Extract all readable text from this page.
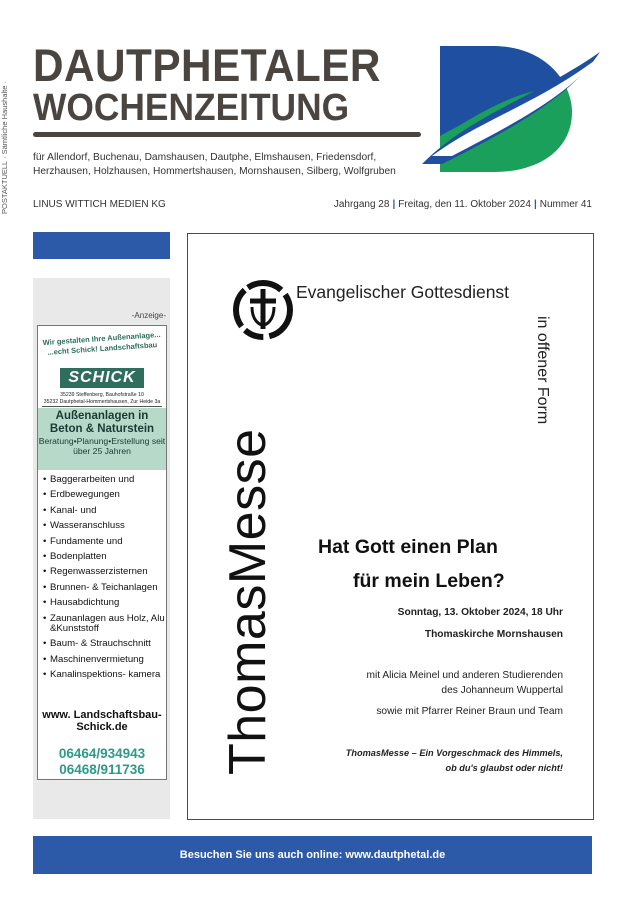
POSTAKTUELL · Sämtliche Haushalte ·
DAUTPHETALER
WOCHENZEITUNG
für Allendorf, Buchenau, Damshausen, Dautphe, Elmshausen, Friedensdorf, Herzhausen, Holzhausen, Hommertshausen, Mornshausen, Silberg, Wolfgruben
LINUS WITTICH MEDIEN KG	Jahrgang 28 | Freitag, den 11. Oktober 2024 | Nummer 41
-Anzeige-
Wir gestalten Ihre Außenanlage... ...echt Schick! Landschaftsbau
SCHICK
35239 Steffenberg, Bauhofstraße 10
35232 Dautphetal-Hommertshausen, Zur Heide 3a
Außenanlagen in Beton & Naturstein
Beratung•Planung•Erstellung seit über 25 Jahren
• Baggerarbeiten und
• Erdbewegungen
• Kanal- und
• Wasseranschluss
• Fundamente und
• Bodenplatten
• Regenwasserzisternen
• Brunnen- & Teichanlagen
• Hausabdichtung
• Zaunanlagen aus Holz, Alu &Kunststoff
• Baum- & Strauchschnitt
• Maschinenvermietung
• Kanalinspektions- kamera
www. Landschaftsbau- Schick.de
06464/934943
06468/911736
Evangelischer Gottesdienst
in offener Form
ThomasMesse Hat Gott einen Plan
für mein Leben?
Sonntag, 13. Oktober 2024, 18 Uhr
Thomaskirche Mornshausen
mit Alicia Meinel und anderen Studierenden
des Johanneum Wuppertal
sowie mit Pfarrer Reiner Braun und Team
ThomasMesse – Ein Vorgeschmack des Himmels,
ob du's glaubst oder nicht!
Besuchen Sie uns auch online: www.dautphetal.de
